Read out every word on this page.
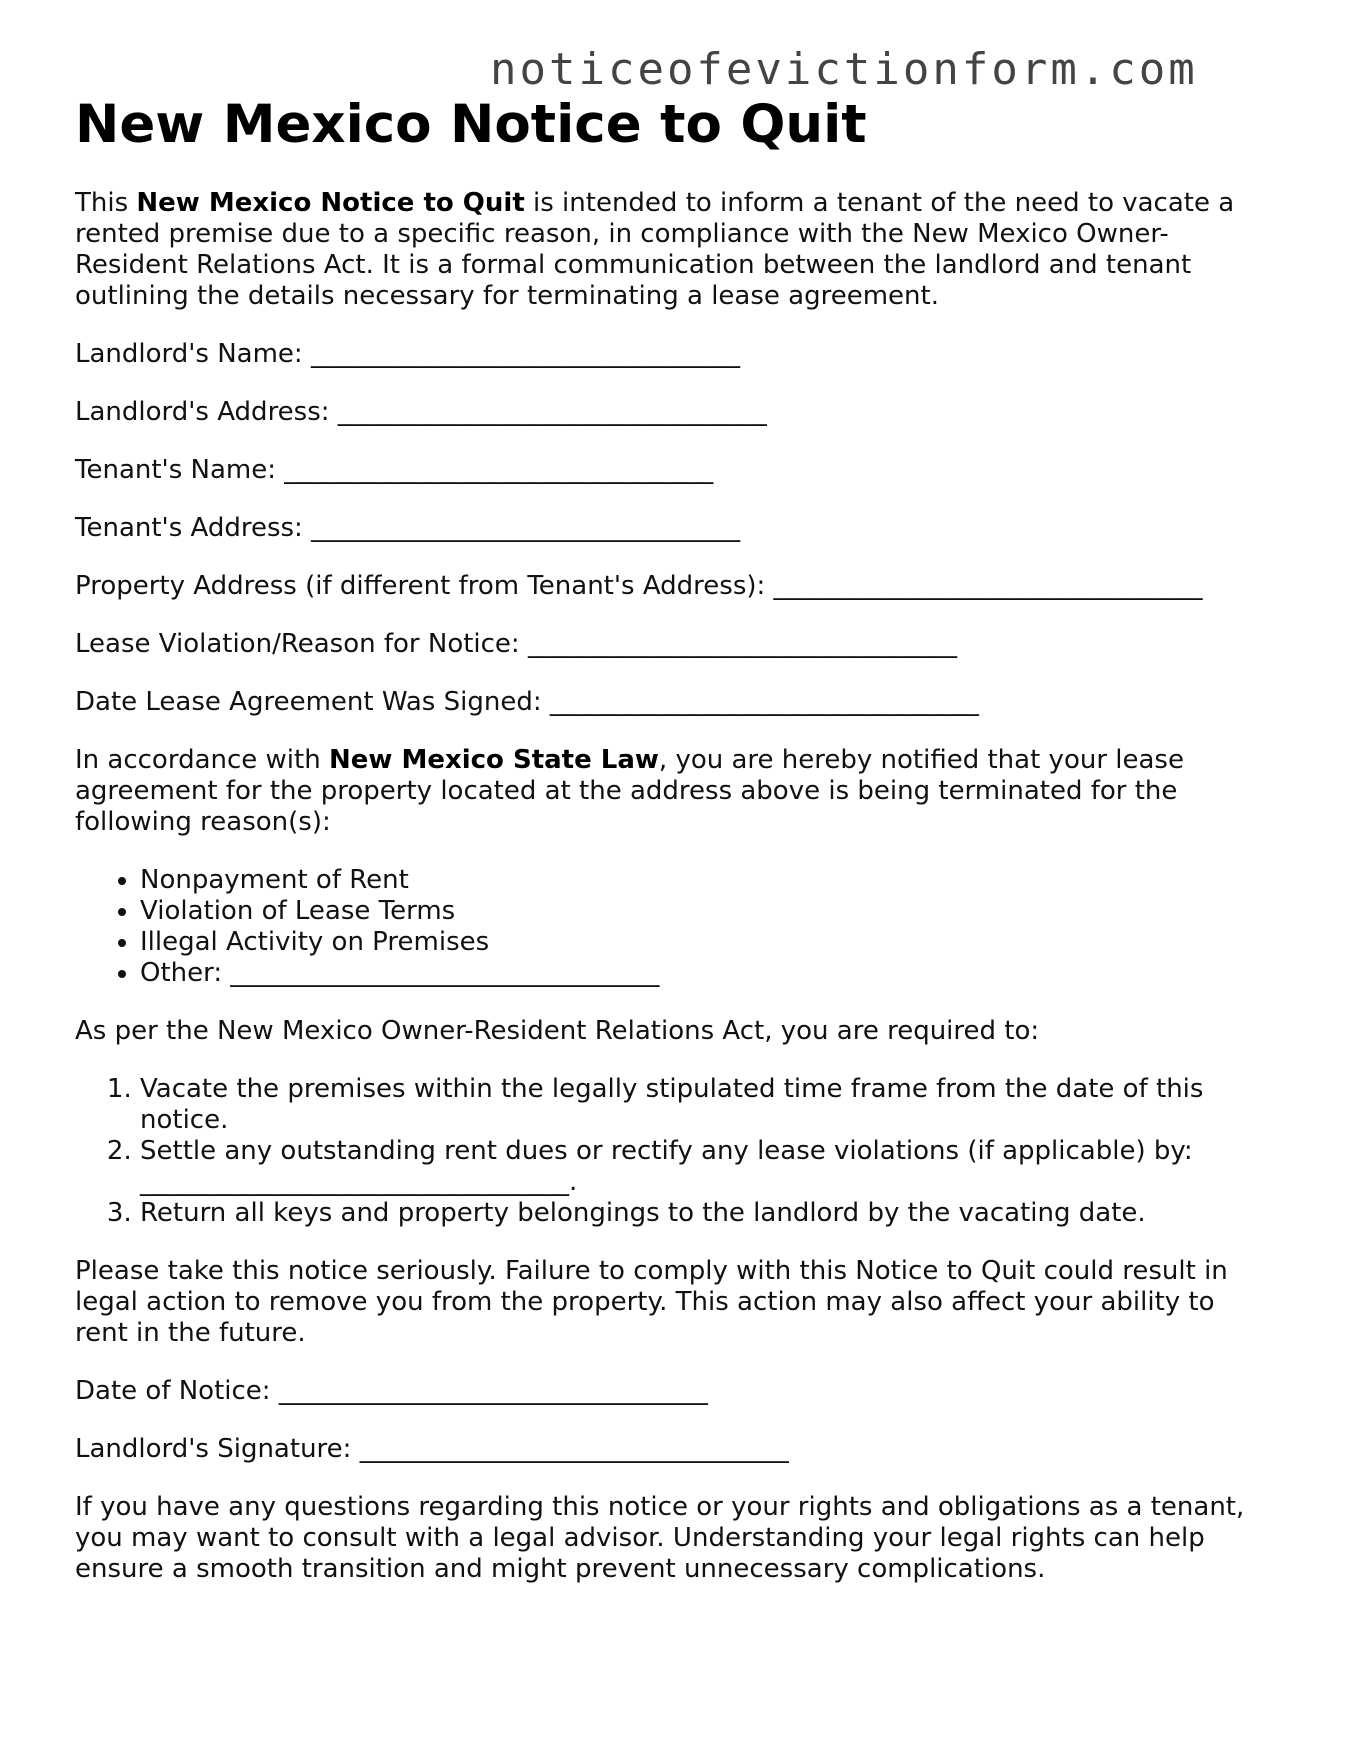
noticeofevictionform.com
New Mexico Notice to Quit

This New Mexico Notice to Quit is intended to inform a tenant of the need to vacate a rented premise due to a specific reason, in compliance with the New Mexico Owner-Resident Relations Act. It is a formal communication between the landlord and tenant outlining the details necessary for terminating a lease agreement.

Landlord's Name: _________________________________

Landlord's Address: _________________________________

Tenant's Name: _________________________________

Tenant's Address: _________________________________

Property Address (if different from Tenant's Address): _________________________________

Lease Violation/Reason for Notice: _________________________________

Date Lease Agreement Was Signed: _________________________________

In accordance with New Mexico State Law, you are hereby notified that your lease agreement for the property located at the address above is being terminated for the following reason(s):

• Nonpayment of Rent
• Violation of Lease Terms
• Illegal Activity on Premises
• Other: _________________________________

As per the New Mexico Owner-Resident Relations Act, you are required to:

1. Vacate the premises within the legally stipulated time frame from the date of this notice.
2. Settle any outstanding rent dues or rectify any lease violations (if applicable) by: _________________________________.
3. Return all keys and property belongings to the landlord by the vacating date.

Please take this notice seriously. Failure to comply with this Notice to Quit could result in legal action to remove you from the property. This action may also affect your ability to rent in the future.

Date of Notice: _________________________________

Landlord's Signature: _________________________________

If you have any questions regarding this notice or your rights and obligations as a tenant, you may want to consult with a legal advisor. Understanding your legal rights can help ensure a smooth transition and might prevent unnecessary complications.
